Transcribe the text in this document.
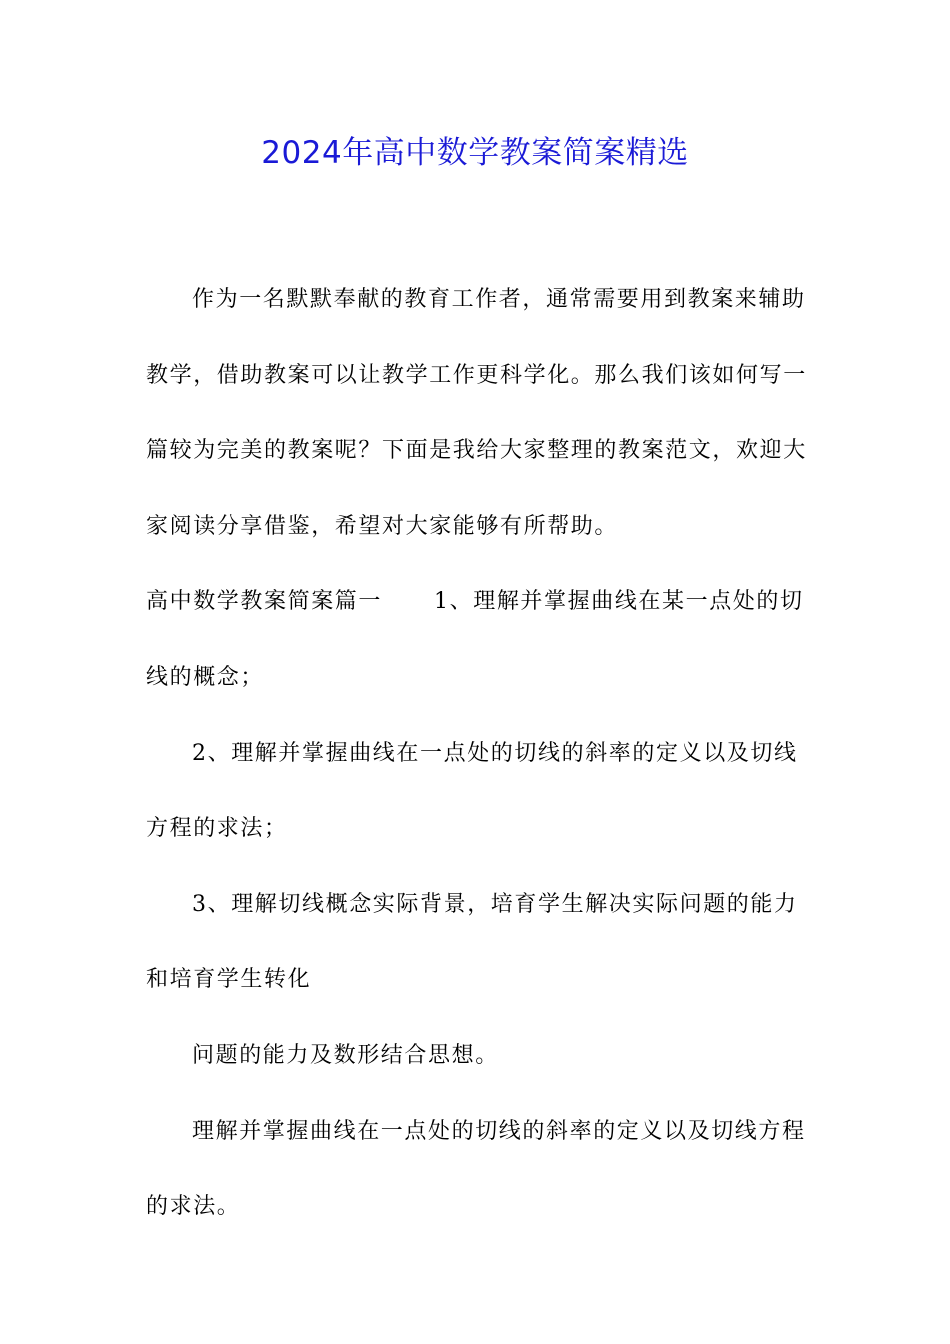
2024年高中数学教案简案精选

作为一名默默奉献的教育工作者，通常需要用到教案来辅助教学，借助教案可以让教学工作更科学化。那么我们该如何写一篇较为完美的教案呢？下面是我给大家整理的教案范文，欢迎大家阅读分享借鉴，希望对大家能够有所帮助。

高中数学教案简案篇一 1、理解并掌握曲线在某一点处的切线的概念；

2、理解并掌握曲线在一点处的切线的斜率的定义以及切线方程的求法；

3、理解切线概念实际背景，培育学生解决实际问题的能力和培育学生转化

问题的能力及数形结合思想。

理解并掌握曲线在一点处的切线的斜率的定义以及切线方程的求法。
